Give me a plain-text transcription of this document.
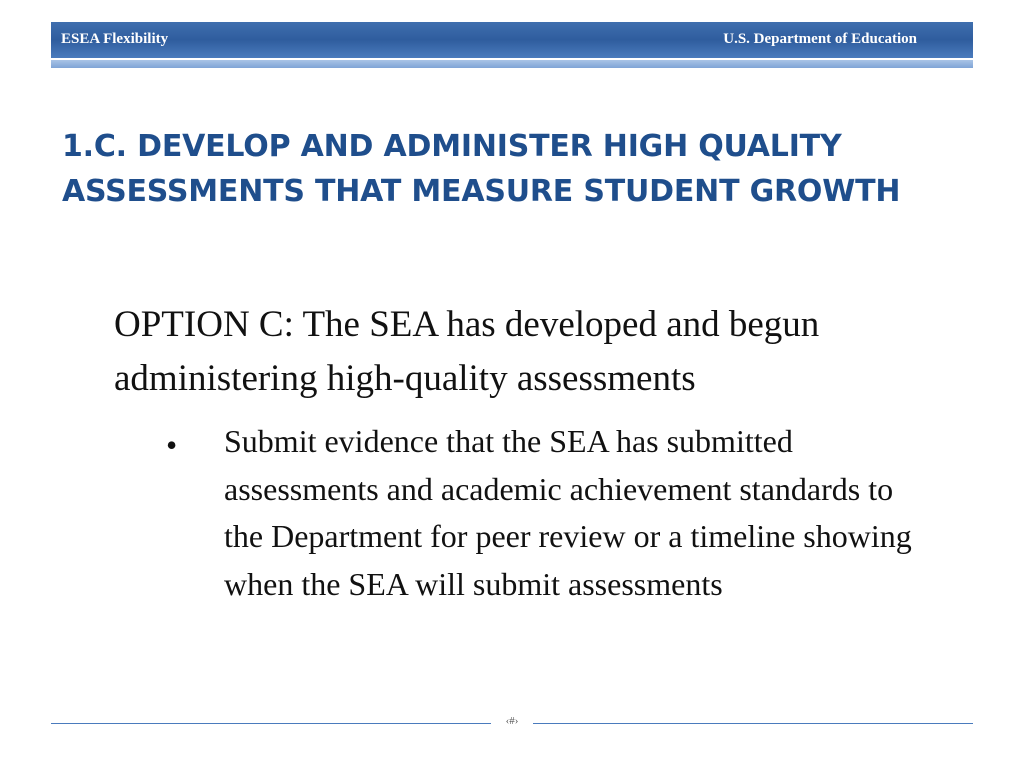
ESEA Flexibility	U.S. Department of Education
1.C. DEVELOP AND ADMINISTER HIGH QUALITY ASSESSMENTS THAT MEASURE STUDENT GROWTH

OPTION C: The SEA has developed and begun administering high-quality assessments

• Submit evidence that the SEA has submitted assessments and academic achievement standards to the Department for peer review or a timeline showing when the SEA will submit assessments

‹#›
